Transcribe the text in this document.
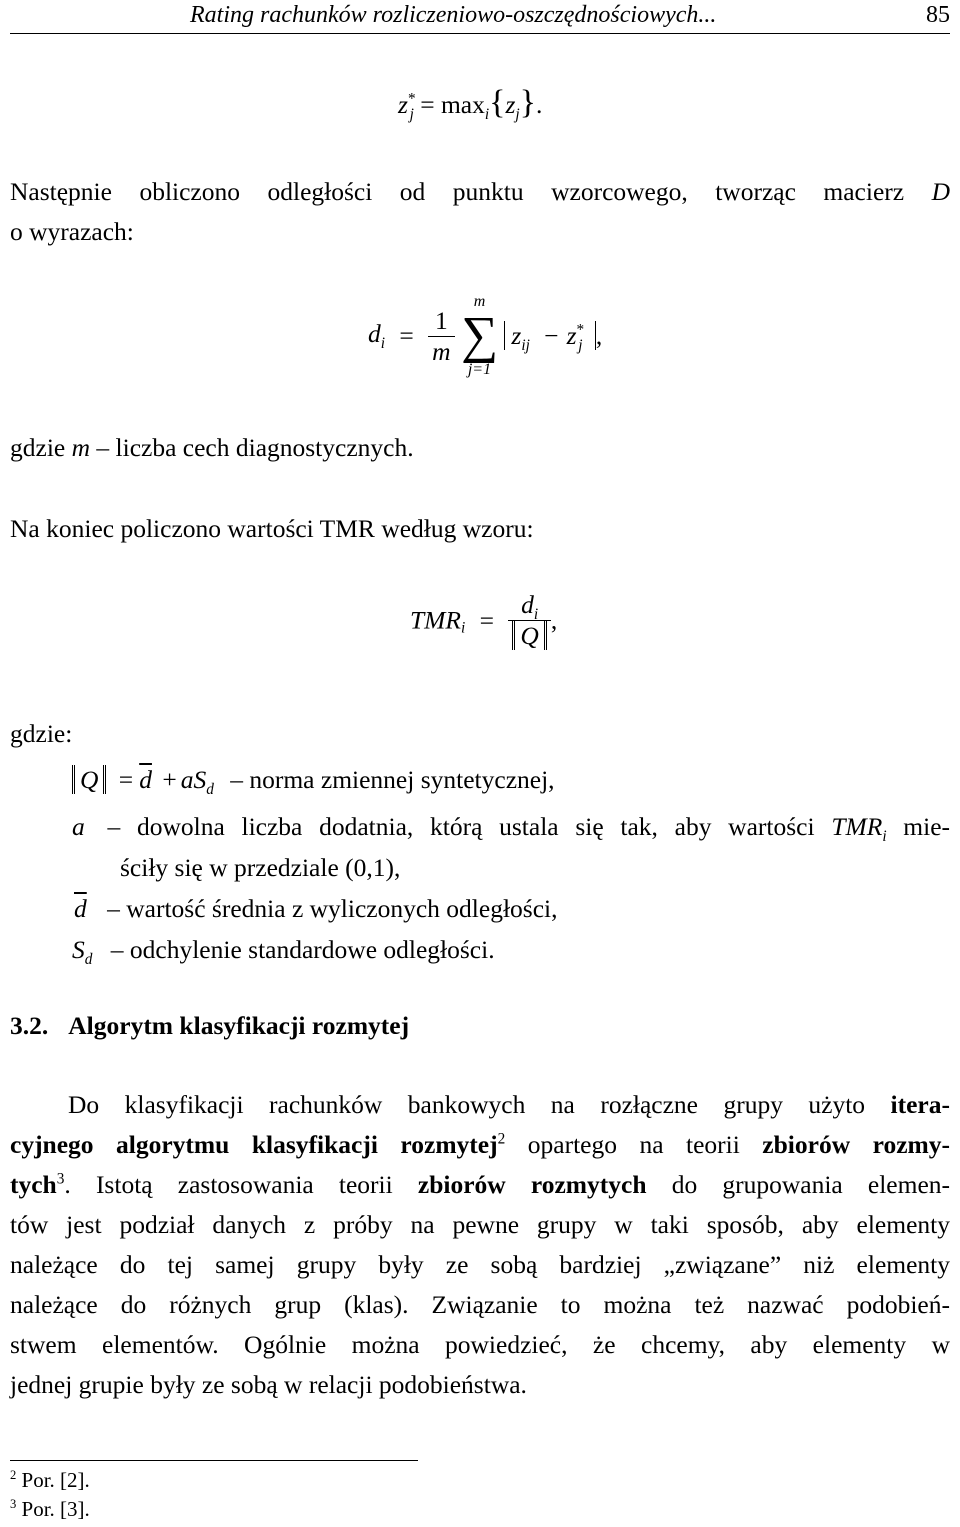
Rating rachunków rozliczeniowo-oszczędnościowych...	85
$z^*_j = \max_i\{z_j\}$.
Następnie obliczono odległości od punktu wzorcowego, tworząc macierz D
o wyrazach:
$d_i = \frac{1}{m}$

m
∑
j=1
$z_{ij} - z^*_j$ ,
gdzie m – liczba cech diagnostycznych.
Na koniec policzono wartości TMR według wzoru:
$TMR_i = \frac{d_i}{Q}$ ,
gdzie:
$Q = \overline{d} + aS_d$ – norma zmiennej syntetycznej,
a – dowolna liczba dodatnia, którą ustala się tak, aby wartości $TMR_i$ mie-
ściły się w przedziale (0,1),
$\overline{d}$ – wartość średnia z wyliczonych odległości,
$S_d$ – odchylenie standardowe odległości.
3.2. Algorytm klasyfikacji rozmytej
Do klasyfikacji rachunków bankowych na rozłączne grupy użyto itera-
cyjnego algorytmu klasyfikacji rozmytej$^2$ opartego na teorii zbiorów rozmy-
tych$^3$. Istotą zastosowania teorii zbiorów rozmytych do grupowania elemen-
tów jest podział danych z próby na pewne grupy w taki sposób, aby elementy
należące do tej samej grupy były ze sobą bardziej „związane” niż elementy
należące do różnych grup (klas). Związanie to można też nazwać podobień-
stwem elementów. Ogólnie można powiedzieć, że chcemy, aby elementy w
jednej grupie były ze sobą w relacji podobieństwa.
$^2$ Por. [2].
$^3$ Por. [3].
